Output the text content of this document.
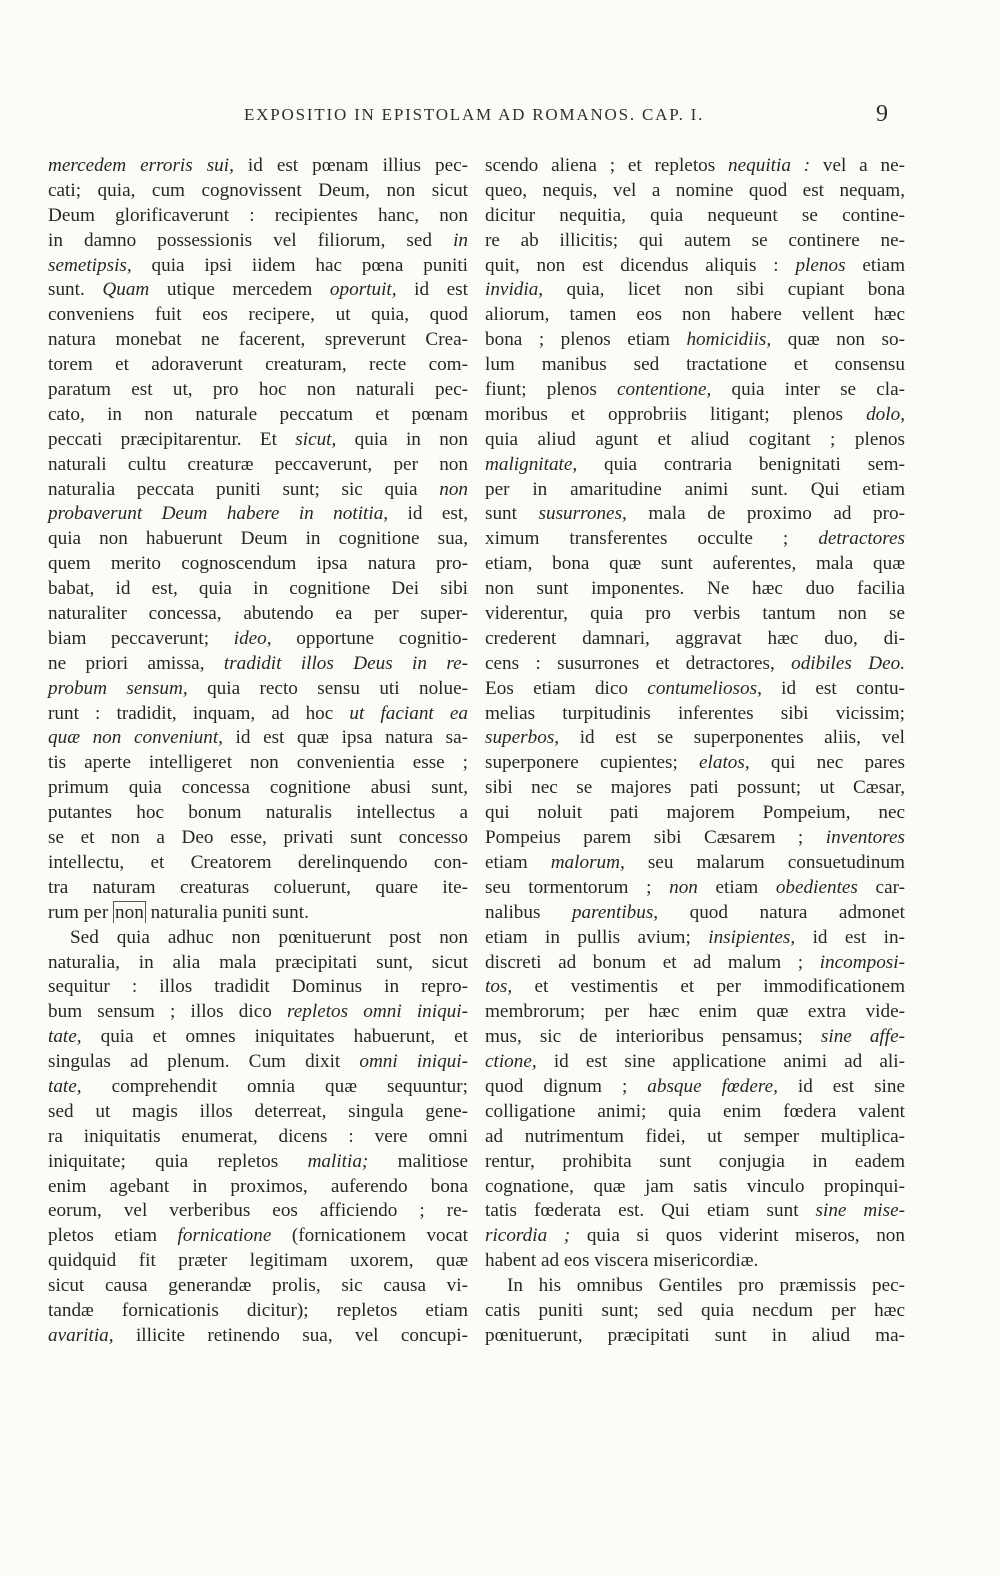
EXPOSITIO IN EPISTOLAM AD ROMANOS. CAP. I.	9
mercedem erroris sui, id est pœnam illius pec-
cati; quia, cum cognovissent Deum, non sicut
Deum glorificaverunt : recipientes hanc, non
in damno possessionis vel filiorum, sed in
semetipsis, quia ipsi iidem hac pœna puniti
sunt. Quam utique mercedem oportuit, id est
conveniens fuit eos recipere, ut quia, quod
natura monebat ne facerent, spreverunt Crea-
torem et adoraverunt creaturam, recte com-
paratum est ut, pro hoc non naturali pec-
cato, in non naturale peccatum et pœnam
peccati præcipitarentur. Et sicut, quia in non
naturali cultu creaturæ peccaverunt, per non
naturalia peccata puniti sunt; sic quia non
probaverunt Deum habere in notitia, id est,
quia non habuerunt Deum in cognitione sua,
quem merito cognoscendum ipsa natura pro-
babat, id est, quia in cognitione Dei sibi
naturaliter concessa, abutendo ea per super-
biam peccaverunt; ideo, opportune cognitio-
ne priori amissa, tradidit illos Deus in re-
probum sensum, quia recto sensu uti nolue-
runt : tradidit, inquam, ad hoc ut faciant ea
quæ non conveniunt, id est quæ ipsa natura sa-
tis aperte intelligeret non convenientia esse ;
primum quia concessa cognitione abusi sunt,
putantes hoc bonum naturalis intellectus a
se et non a Deo esse, privati sunt concesso
intellectu, et Creatorem derelinquendo con-
tra naturam creaturas coluerunt, quare ite-
rum per non naturalia puniti sunt.
Sed quia adhuc non pœnituerunt post non
naturalia, in alia mala præcipitati sunt, sicut
sequitur : illos tradidit Dominus in repro-
bum sensum ; illos dico repletos omni iniqui-
tate, quia et omnes iniquitates habuerunt, et
singulas ad plenum. Cum dixit omni iniqui-
tate, comprehendit omnia quæ sequuntur;
sed ut magis illos deterreat, singula gene-
ra iniquitatis enumerat, dicens : vere omni
iniquitate; quia repletos malitia; malitiose
enim agebant in proximos, auferendo bona
eorum, vel verberibus eos afficiendo ; re-
pletos etiam fornicatione (fornicationem vocat
quidquid fit præter legitimam uxorem, quæ
sicut causa generandæ prolis, sic causa vi-
tandæ fornicationis dicitur); repletos etiam
avaritia, illicite retinendo sua, vel concupi-
scendo aliena ; et repletos nequitia : vel a ne-
queo, nequis, vel a nomine quod est nequam,
dicitur nequitia, quia nequeunt se contine-
re ab illicitis; qui autem se continere ne-
quit, non est dicendus aliquis : plenos etiam
invidia, quia, licet non sibi cupiant bona
aliorum, tamen eos non habere vellent hæc
bona ; plenos etiam homicidiis, quæ non so-
lum manibus sed tractatione et consensu
fiunt; plenos contentione, quia inter se cla-
moribus et opprobriis litigant; plenos dolo,
quia aliud agunt et aliud cogitant ; plenos
malignitate, quia contraria benignitati sem-
per in amaritudine animi sunt. Qui etiam
sunt susurrones, mala de proximo ad pro-
ximum transferentes occulte ; detractores
etiam, bona quæ sunt auferentes, mala quæ
non sunt imponentes. Ne hæc duo facilia
viderentur, quia pro verbis tantum non se
crederent damnari, aggravat hæc duo, di-
cens : susurrones et detractores, odibiles Deo.
Eos etiam dico contumeliosos, id est contu-
melias turpitudinis inferentes sibi vicissim;
superbos, id est se superponentes aliis, vel
superponere cupientes; elatos, qui nec pares
sibi nec se majores pati possunt; ut Cæsar,
qui noluit pati majorem Pompeium, nec
Pompeius parem sibi Cæsarem ; inventores
etiam malorum, seu malarum consuetudinum
seu tormentorum ; non etiam obedientes car-
nalibus parentibus, quod natura admonet
etiam in pullis avium; insipientes, id est in-
discreti ad bonum et ad malum ; incomposi-
tos, et vestimentis et per immodificationem
membrorum; per hæc enim quæ extra vide-
mus, sic de interioribus pensamus; sine affe-
ctione, id est sine applicatione animi ad ali-
quod dignum ; absque fœdere, id est sine
colligatione animi; quia enim fœdera valent
ad nutrimentum fidei, ut semper multiplica-
rentur, prohibita sunt conjugia in eadem
cognatione, quæ jam satis vinculo propinqui-
tatis fœderata est. Qui etiam sunt sine mise-
ricordia ; quia si quos viderint miseros, non
habent ad eos viscera misericordiæ.
In his omnibus Gentiles pro præmissis pec-
catis puniti sunt; sed quia necdum per hæc
pœnituerunt, præcipitati sunt in aliud ma-
